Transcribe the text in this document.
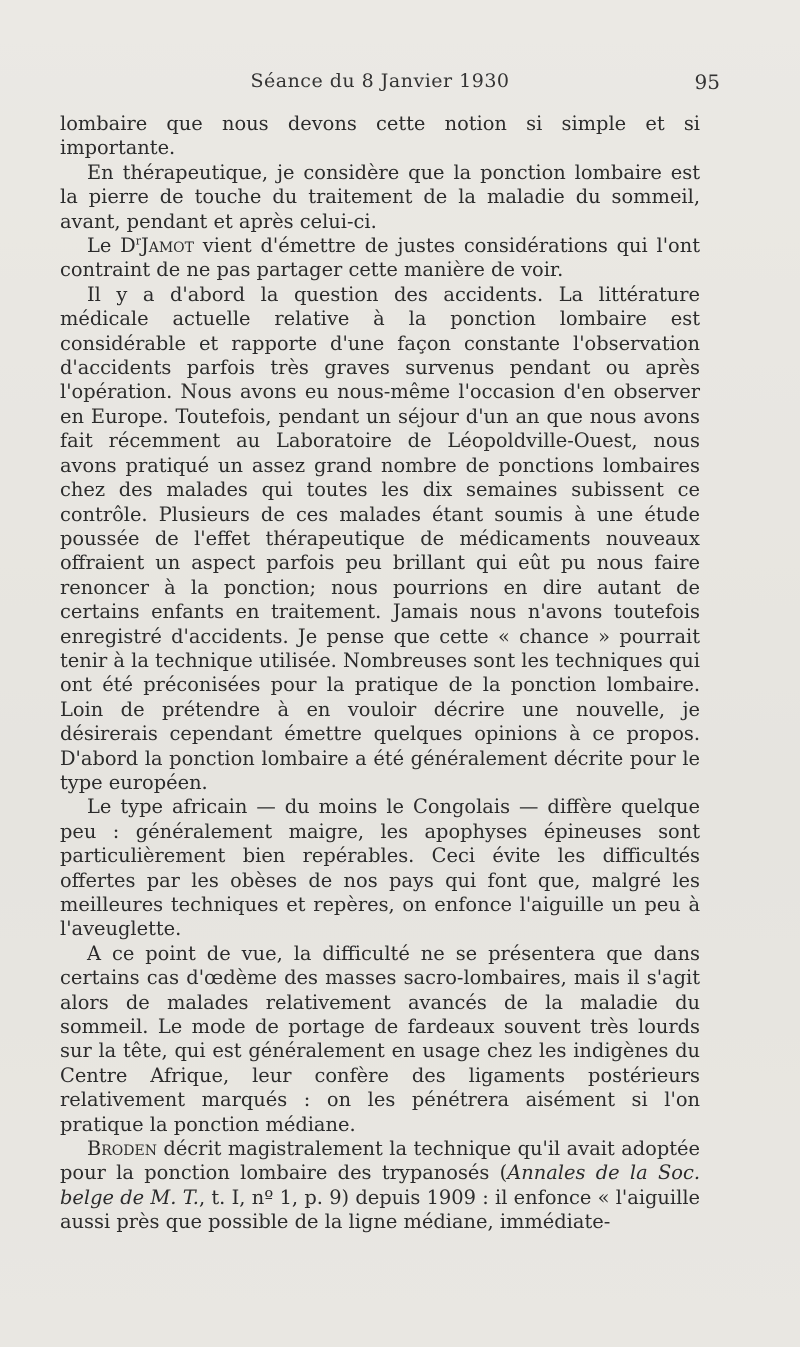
Séance du 8 Janvier 1930	95

lombaire que nous devons cette notion si simple et si importante.

En thérapeutique, je considère que la ponction lombaire est la pierre de touche du traitement de la maladie du sommeil, avant, pendant et après celui-ci.

Le $D^rJamot$ vient d'émettre de justes considérations qui l'ont contraint de ne pas partager cette manière de voir.

Il y a d'abord la question des accidents. La littérature médicale actuelle relative à la ponction lombaire est considérable et rapporte d'une façon constante l'observation d'accidents parfois très graves survenus pendant ou après l'opération. Nous avons eu nous-même l'occasion d'en observer en Europe. Toutefois, pendant un séjour d'un an que nous avons fait récemment au Laboratoire de Léopoldville-Ouest, nous avons pratiqué un assez grand nombre de ponctions lombaires chez des malades qui toutes les dix semaines subissent ce contrôle. Plusieurs de ces malades étant soumis à une étude poussée de l'effet thérapeutique de médicaments nouveaux offraient un aspect parfois peu brillant qui eût pu nous faire renoncer à la ponction; nous pourrions en dire autant de certains enfants en traitement. Jamais nous n'avons toutefois enregistré d'accidents. Je pense que cette « chance » pourrait tenir à la technique utilisée. Nombreuses sont les techniques qui ont été préconisées pour la pratique de la ponction lombaire. Loin de prétendre à en vouloir décrire une nouvelle, je désirerais cependant émettre quelques opinions à ce propos. D'abord la ponction lombaire a été généralement décrite pour le type européen.

Le type africain — du moins le Congolais — diffère quelque peu : généralement maigre, les apophyses épineuses sont particulièrement bien repérables. Ceci évite les difficultés offertes par les obèses de nos pays qui font que, malgré les meilleures techniques et repères, on enfonce l'aiguille un peu à l'aveuglette.

A ce point de vue, la difficulté ne se présentera que dans certains cas d'œdème des masses sacro-lombaires, mais il s'agit alors de malades relativement avancés de la maladie du sommeil. Le mode de portage de fardeaux souvent très lourds sur la tête, qui est généralement en usage chez les indigènes du Centre Afrique, leur confère des ligaments postérieurs relativement marqués : on les pénétrera aisément si l'on pratique la ponction médiane.

Broden décrit magistralement la technique qu'il avait adoptée pour la ponction lombaire des trypanosés (Annales de la Soc. belge de M. T., t. I, nº 1, p. 9) depuis 1909 : il enfonce « l'aiguille aussi près que possible de la ligne médiane, immédiate-
